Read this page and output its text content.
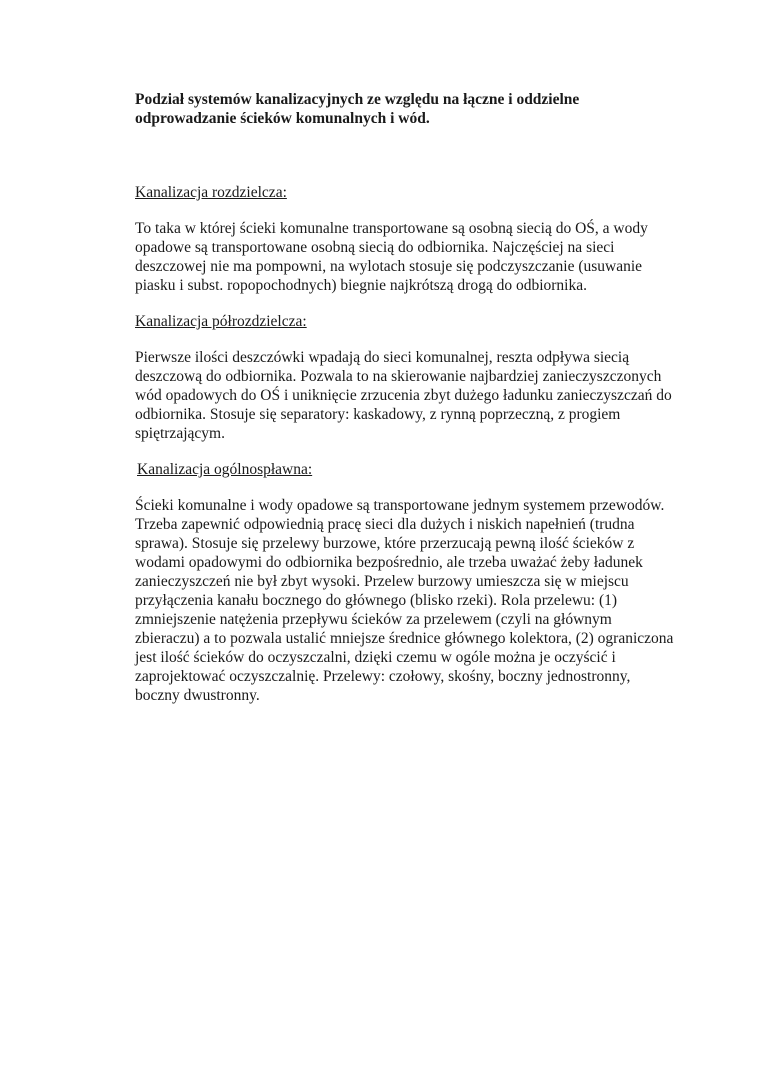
Podział systemów kanalizacyjnych ze względu na łączne i oddzielne odprowadzanie ścieków komunalnych i wód.

Kanalizacja rozdzielcza:

To taka w której ścieki komunalne transportowane są osobną siecią do OŚ, a wody opadowe są transportowane osobną siecią do odbiornika. Najczęściej na sieci deszczowej nie ma pompowni, na wylotach stosuje się podczyszczanie (usuwanie piasku i subst. ropopochodnych) biegnie najkrótszą drogą do odbiornika.

Kanalizacja półrozdzielcza:

Pierwsze ilości deszczówki wpadają do sieci komunalnej, reszta odpływa siecią deszczową do odbiornika. Pozwala to na skierowanie najbardziej zanieczyszczonych wód opadowych do OŚ i uniknięcie zrzucenia zbyt dużego ładunku zanieczyszczań do odbiornika. Stosuje się separatory: kaskadowy, z rynną poprzeczną, z progiem spiętrzającym.

Kanalizacja ogólnospławna:

Ścieki komunalne i wody opadowe są transportowane jednym systemem przewodów. Trzeba zapewnić odpowiednią pracę sieci dla dużych i niskich napełnień (trudna sprawa). Stosuje się przelewy burzowe, które przerzucają pewną ilość ścieków z wodami opadowymi do odbiornika bezpośrednio, ale trzeba uważać żeby ładunek zanieczyszczeń nie był zbyt wysoki. Przelew burzowy umieszcza się w miejscu przyłączenia kanału bocznego do głównego (blisko rzeki). Rola przelewu: (1) zmniejszenie natężenia przepływu ścieków za przelewem (czyli na głównym zbieraczu) a to pozwala ustalić mniejsze średnice głównego kolektora, (2) ograniczona jest ilość ścieków do oczyszczalni, dzięki czemu w ogóle można je oczyścić i zaprojektować oczyszczalnię. Przelewy: czołowy, skośny, boczny jednostronny, boczny dwustronny.
